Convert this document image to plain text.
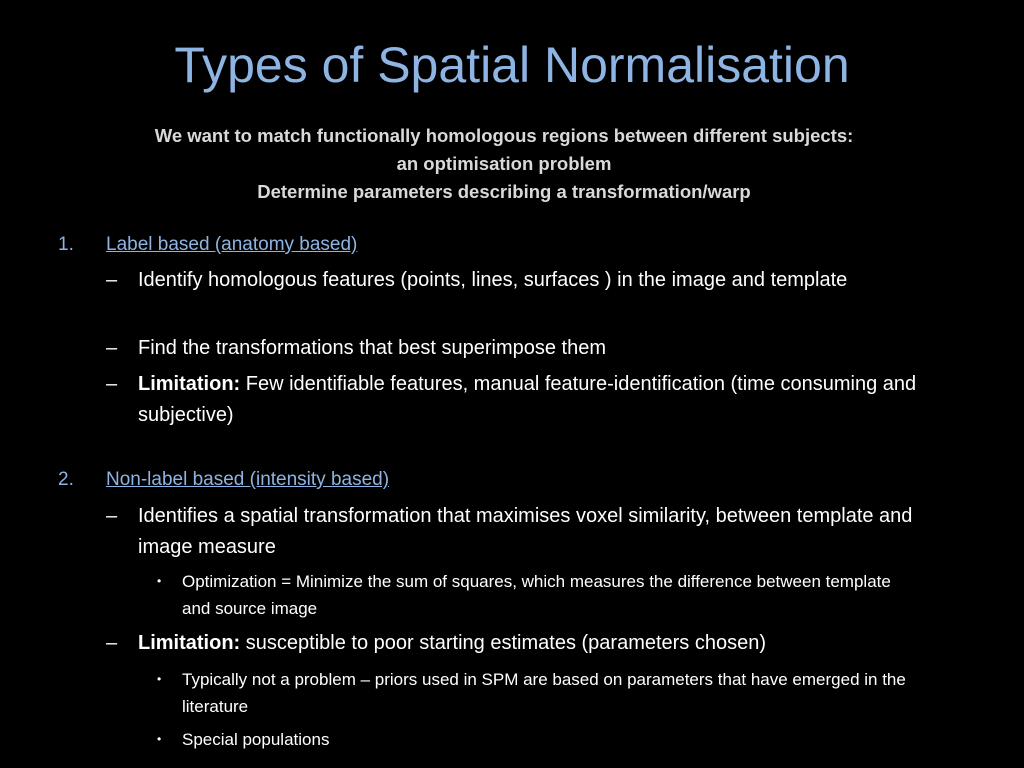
Types of Spatial Normalisation
We want to match functionally homologous regions between different subjects:
an optimisation problem
Determine parameters describing a transformation/warp
1. Label based (anatomy based)
– Identify homologous features (points, lines, surfaces ) in the image and template
– Find the transformations that best superimpose them
– Limitation: Few identifiable features, manual feature-identification (time consuming and subjective)
2. Non-label based (intensity based)
– Identifies a spatial transformation that maximises voxel similarity, between template and image measure
• Optimization = Minimize the sum of squares, which measures the difference between template and source image
– Limitation: susceptible to poor starting estimates (parameters chosen)
• Typically not a problem – priors used in SPM are based on parameters that have emerged in the literature
• Special populations
